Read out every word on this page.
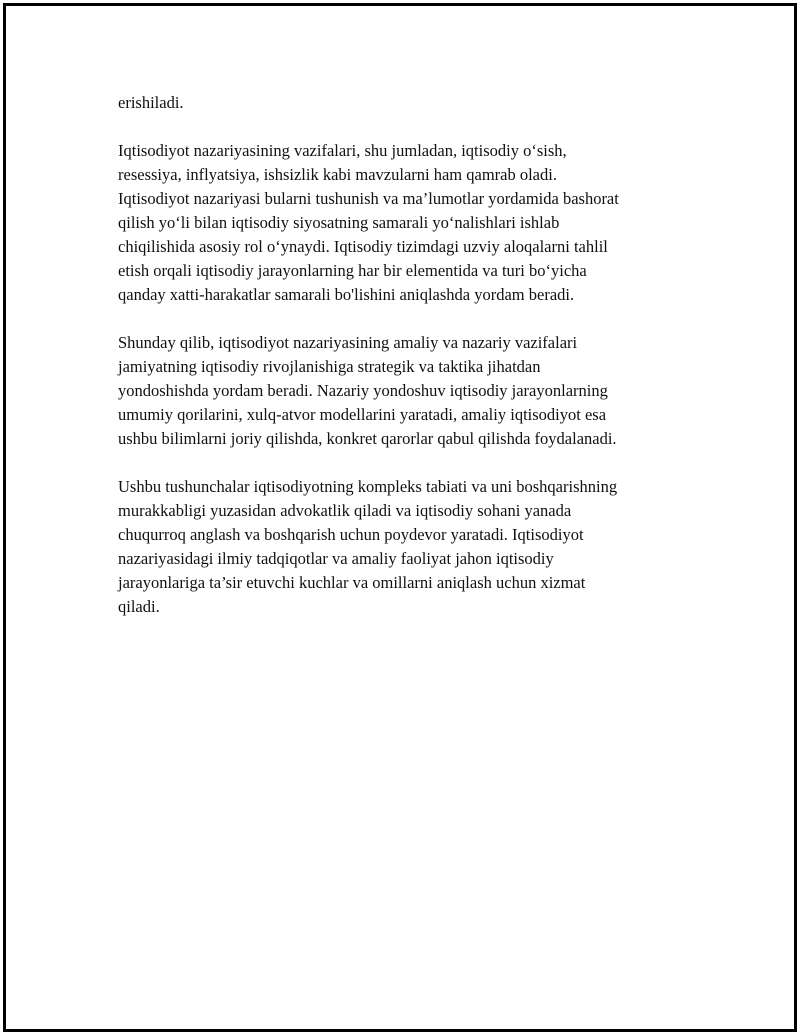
erishiladi.

Iqtisodiyot nazariyasining vazifalari, shu jumladan, iqtisodiy o‘sish,
resessiya, inflyatsiya, ishsizlik kabi mavzularni ham qamrab oladi.
Iqtisodiyot nazariyasi bularni tushunish va ma’lumotlar yordamida bashorat
qilish yo‘li bilan iqtisodiy siyosatning samarali yo‘nalishlari ishlab
chiqilishida asosiy rol o‘ynaydi. Iqtisodiy tizimdagi uzviy aloqalarni tahlil
etish orqali iqtisodiy jarayonlarning har bir elementida va turi bo‘yicha
qanday xatti-harakatlar samarali bo'lishini aniqlashda yordam beradi.

Shunday qilib, iqtisodiyot nazariyasining amaliy va nazariy vazifalari
jamiyatning iqtisodiy rivojlanishiga strategik va taktika jihatdan
yondoshishda yordam beradi. Nazariy yondoshuv iqtisodiy jarayonlarning
umumiy qorilarini, xulq-atvor modellarini yaratadi, amaliy iqtisodiyot esa
ushbu bilimlarni joriy qilishda, konkret qarorlar qabul qilishda foydalanadi.

Ushbu tushunchalar iqtisodiyotning kompleks tabiati va uni boshqarishning
murakkabligi yuzasidan advokatlik qiladi va iqtisodiy sohani yanada
chuqurroq anglash va boshqarish uchun poydevor yaratadi. Iqtisodiyot
nazariyasidagi ilmiy tadqiqotlar va amaliy faoliyat jahon iqtisodiy
jarayonlariga ta’sir etuvchi kuchlar va omillarni aniqlash uchun xizmat
qiladi.
